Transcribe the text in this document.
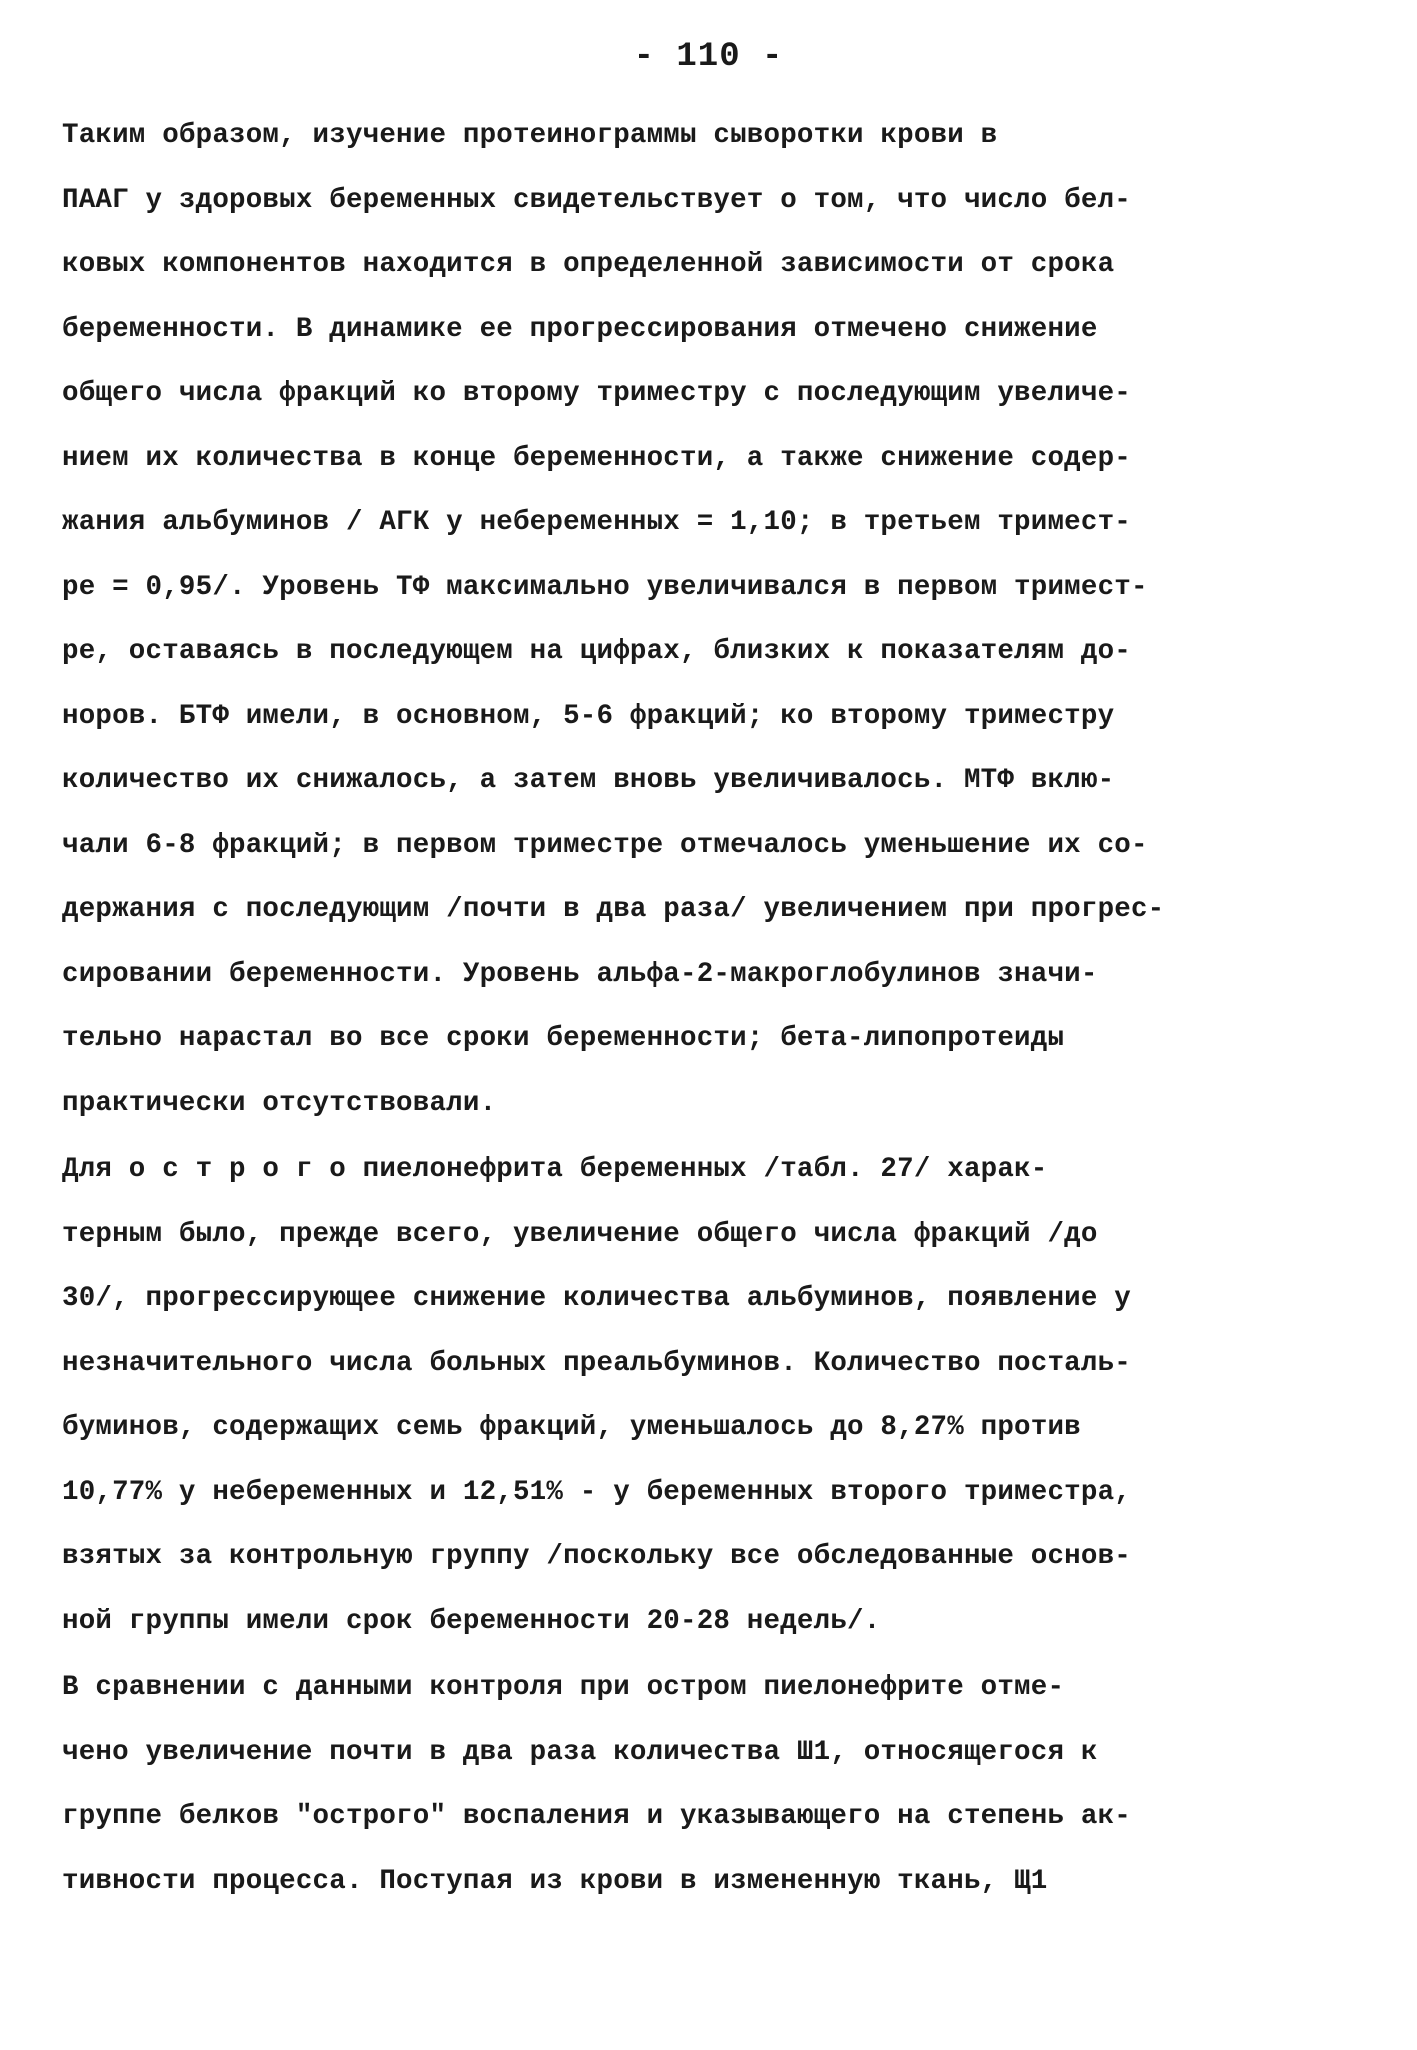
- 110 -
Таким образом, изучение протеинограммы сыворотки крови в
ПААГ у здоровых беременных свидетельствует о том, что число бел-
ковых компонентов находится в определенной зависимости от срока
беременности. В динамике ее прогрессирования отмечено снижение
общего числа фракций ко второму триместру с последующим увеличе-
нием их количества в конце беременности, а также снижение содер-
жания альбуминов / АГК у небеременных = 1,10; в третьем тримест-
ре = 0,95/. Уровень ТФ максимально увеличивался в первом тримест-
ре, оставаясь в последующем на цифрах, близких к показателям до-
норов. БТФ имели, в основном, 5-6 фракций; ко второму триместру
количество их снижалось, а затем вновь увеличивалось. МТФ вклю-
чали 6-8 фракций; в первом триместре отмечалось уменьшение их со-
держания с последующим /почти в два раза/ увеличением при прогрес-
сировании беременности. Уровень альфа-2-макроглобулинов значи-
тельно нарастал во все сроки беременности; бета-липопротеиды
практически отсутствовали.
Для о с т р о г о пиелонефрита беременных /табл. 27/ харак-
терным было, прежде всего, увеличение общего числа фракций /до
30/, прогрессирующее снижение количества альбуминов, появление у
незначительного числа больных преальбуминов. Количество посталь-
буминов, содержащих семь фракций, уменьшалось до 8,27% против
10,77% у небеременных и 12,51% - у беременных второго триместра,
взятых за контрольную группу /поскольку все обследованные основ-
ной группы имели срок беременности 20-28 недель/.
В сравнении с данными контроля при остром пиелонефрите отме-
чено увеличение почти в два раза количества Ш1, относящегося к
группе белков "острого" воспаления и указывающего на степень ак-
тивности процесса. Поступая из крови в измененную ткань, Щ1
